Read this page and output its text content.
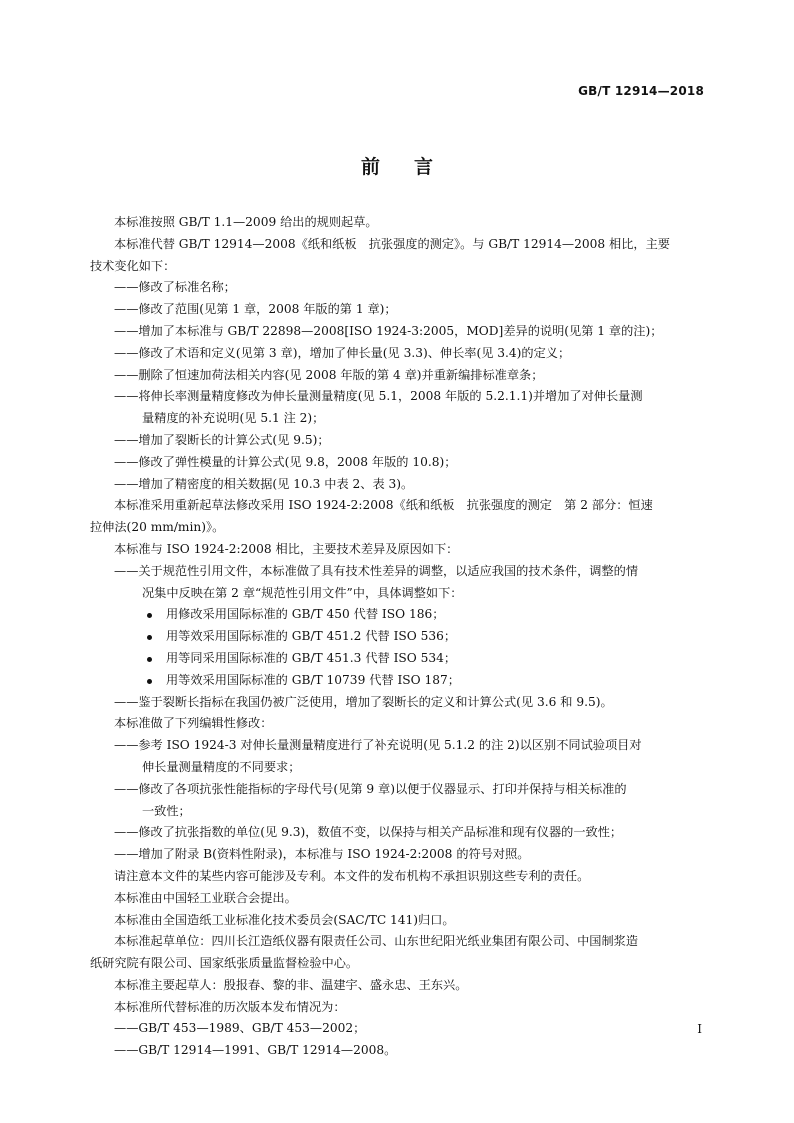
GB/T 12914—2018
前 言

本标准按照 GB/T 1.1—2009 给出的规则起草。

本标准代替 GB/T 12914—2008《纸和纸板　抗张强度的测定》。与 GB/T 12914—2008 相比，主要

技术变化如下：

——修改了标准名称；

——修改了范围(见第 1 章，2008 年版的第 1 章)；

——增加了本标准与 GB/T 22898—2008[ISO 1924-3:2005，MOD]差异的说明(见第 1 章的注)；

——修改了术语和定义(见第 3 章)，增加了伸长量(见 3.3)、伸长率(见 3.4)的定义；

——删除了恒速加荷法相关内容(见 2008 年版的第 4 章)并重新编排标准章条；

——将伸长率测量精度修改为伸长量测量精度(见 5.1，2008 年版的 5.2.1.1)并增加了对伸长量测

量精度的补充说明(见 5.1 注 2)；

——增加了裂断长的计算公式(见 9.5)；

——修改了弹性模量的计算公式(见 9.8，2008 年版的 10.8)；

——增加了精密度的相关数据(见 10.3 中表 2、表 3)。

本标准采用重新起草法修改采用 ISO 1924-2:2008《纸和纸板　抗张强度的测定　第 2 部分：恒速

拉伸法(20 mm/min)》。

本标准与 ISO 1924-2:2008 相比，主要技术差异及原因如下：

——关于规范性引用文件，本标准做了具有技术性差异的调整，以适应我国的技术条件，调整的情

况集中反映在第 2 章“规范性引用文件”中，具体调整如下：

用修改采用国际标准的 GB/T 450 代替 ISO 186；

用等效采用国际标准的 GB/T 451.2 代替 ISO 536；

用等同采用国际标准的 GB/T 451.3 代替 ISO 534；

用等效采用国际标准的 GB/T 10739 代替 ISO 187；

——鉴于裂断长指标在我国仍被广泛使用，增加了裂断长的定义和计算公式(见 3.6 和 9.5)。

本标准做了下列编辑性修改：

——参考 ISO 1924-3 对伸长量测量精度进行了补充说明(见 5.1.2 的注 2)以区别不同试验项目对

伸长量测量精度的不同要求；

——修改了各项抗张性能指标的字母代号(见第 9 章)以便于仪器显示、打印并保持与相关标准的

一致性；

——修改了抗张指数的单位(见 9.3)，数值不变，以保持与相关产品标准和现有仪器的一致性；

——增加了附录 B(资料性附录)，本标准与 ISO 1924-2:2008 的符号对照。

请注意本文件的某些内容可能涉及专利。本文件的发布机构不承担识别这些专利的责任。

本标准由中国轻工业联合会提出。

本标准由全国造纸工业标准化技术委员会(SAC/TC 141)归口。

本标准起草单位：四川长江造纸仪器有限责任公司、山东世纪阳光纸业集团有限公司、中国制浆造

纸研究院有限公司、国家纸张质量监督检验中心。

本标准主要起草人：殷报春、黎的非、温建宇、盛永忠、王东兴。

本标准所代替标准的历次版本发布情况为：

——GB/T 453—1989、GB/T 453—2002；

——GB/T 12914—1991、GB/T 12914—2008。

I
